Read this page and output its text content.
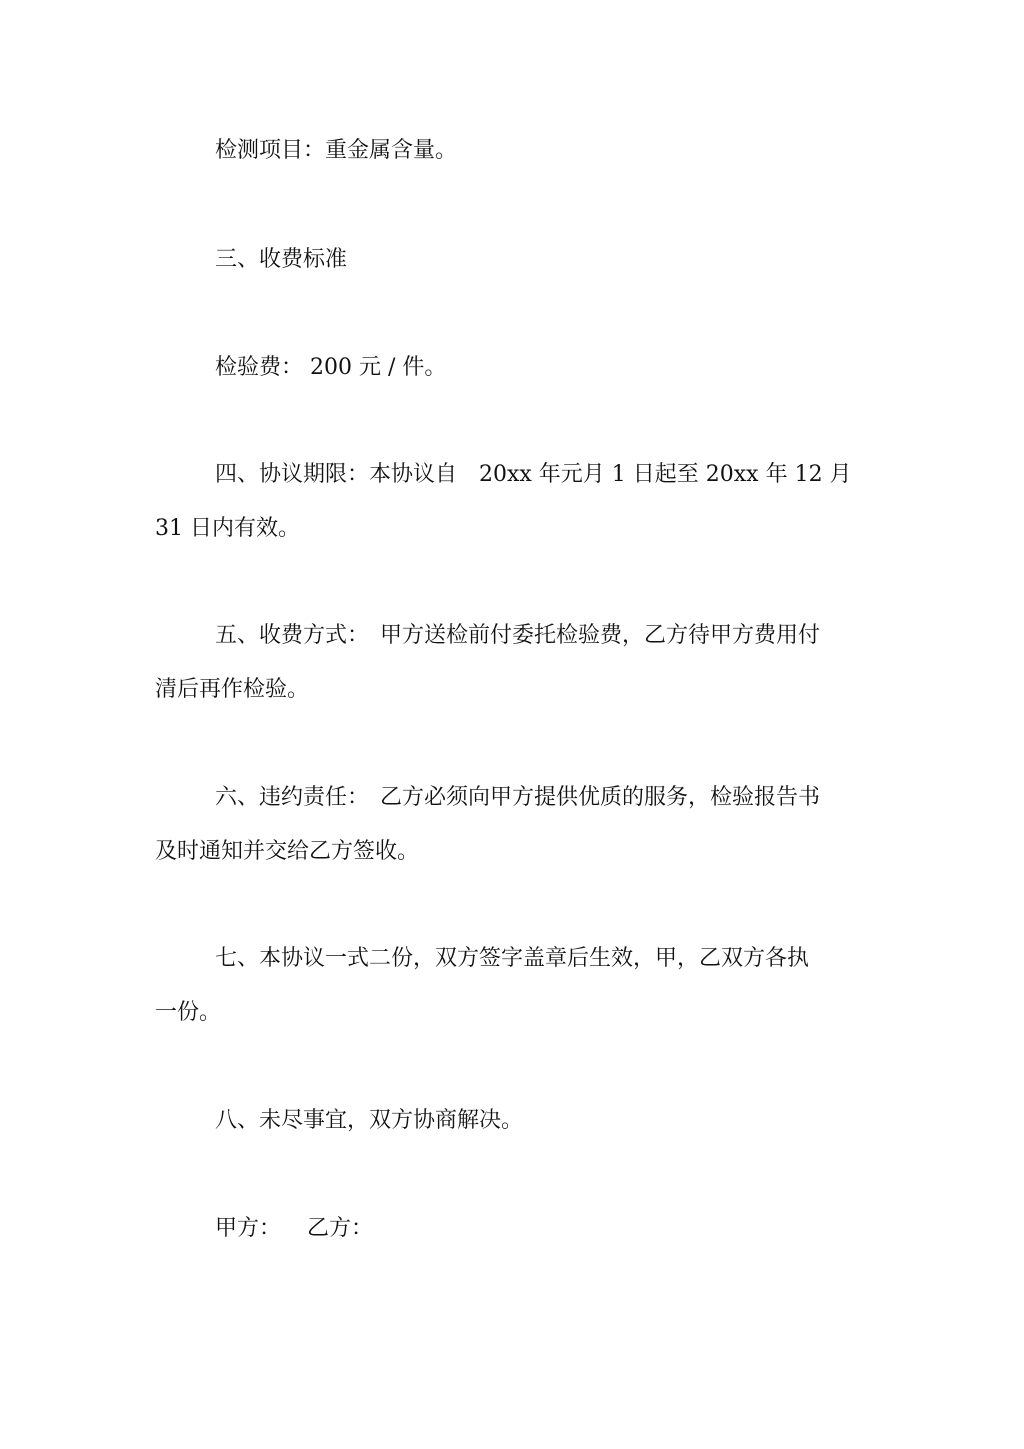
检测项目：重金属含量。

三、收费标准

检验费： 200 元 / 件。

四、协议期限：本协议自　20xx 年元月 1 日起至 20xx 年 12 月
31 日内有效。

五、收费方式：　甲方送检前付委托检验费，乙方待甲方费用付
清后再作检验。

六、违约责任：　乙方必须向甲方提供优质的服务，检验报告书
及时通知并交给乙方签收。

七、本协议一式二份，双方签字盖章后生效，甲，乙双方各执
一份。

八、未尽事宜，双方协商解决。

甲方： 乙方：
